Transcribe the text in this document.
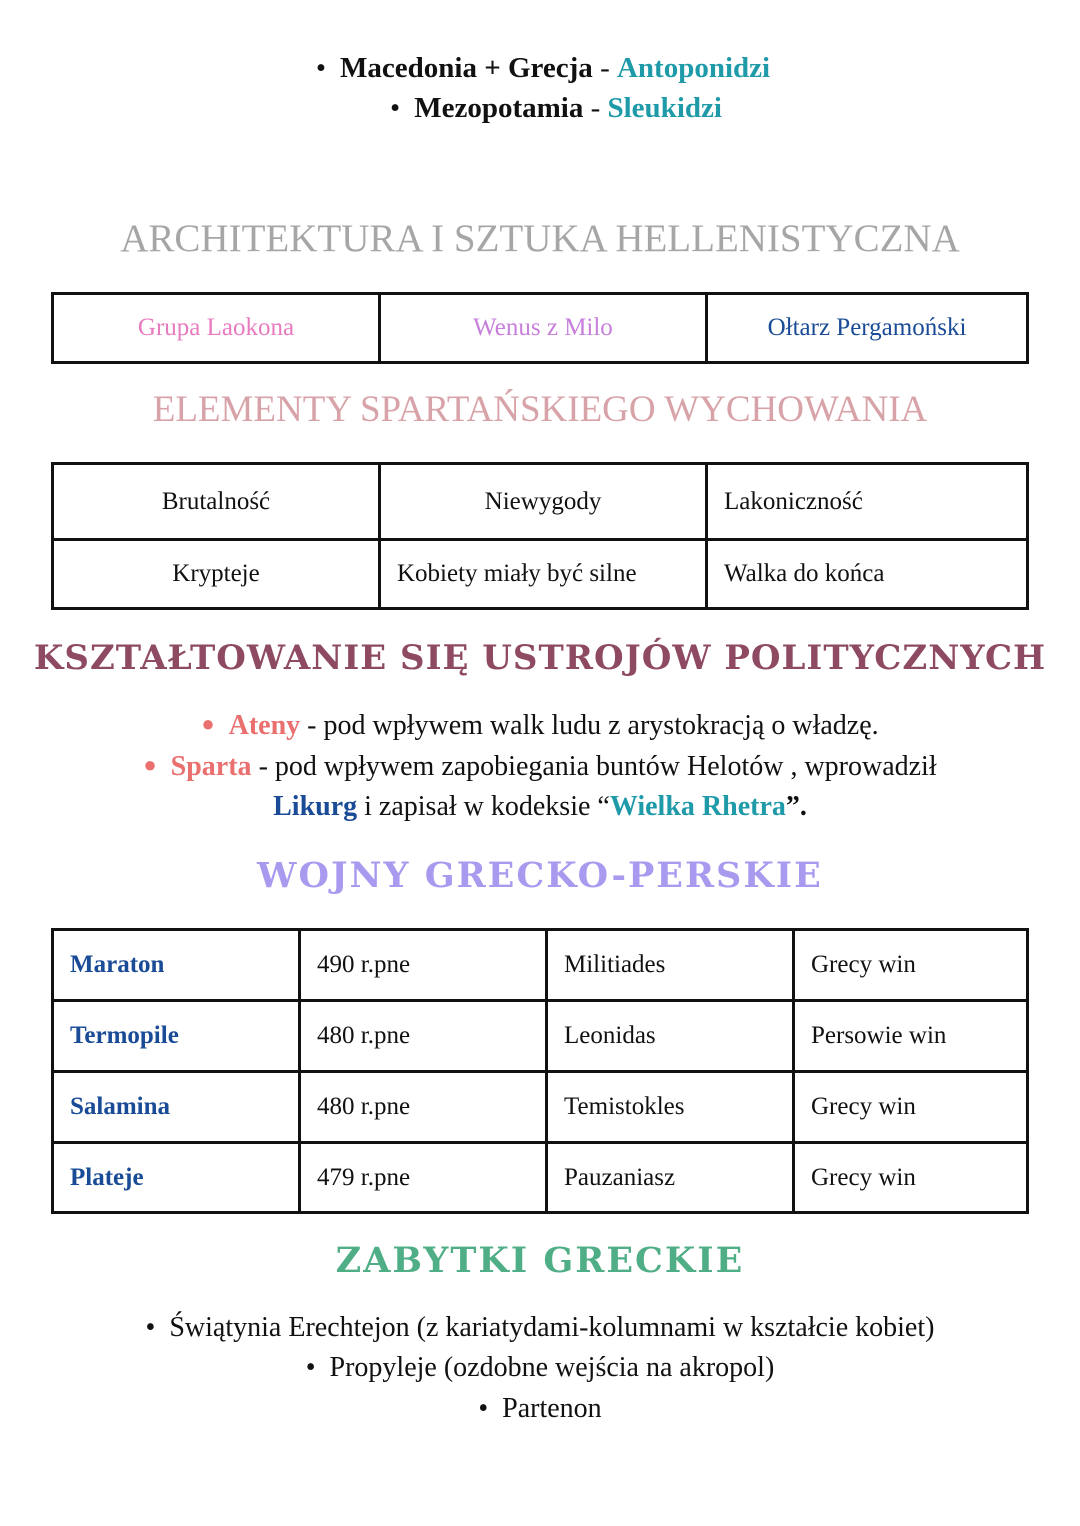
• Macedonia + Grecja - Antoponidzi
• Mezopotamia - Sleukidzi
ARCHITEKTURA I SZTUKA HELLENISTYCZNA
Grupa Laokona	Wenus z Milo	Ołtarz Pergamoński
ELEMENTY SPARTAŃSKIEGO WYCHOWANIA
Brutalność	Niewygody	Lakoniczność
Krypteje	Kobiety miały być silne	Walka do końca
KSZTAŁTOWANIE SIĘ USTROJÓW POLITYCZNYCH
● Ateny - pod wpływem walk ludu z arystokracją o władzę.
● Sparta - pod wpływem zapobiegania buntów Helotów , wprowadził
Likurg i zapisał w kodeksie “Wielka Rhetra”.
WOJNY GRECKO-PERSKIE
Maraton	490 r.pne	Militiades	Grecy win
Termopile	480 r.pne	Leonidas	Persowie win
Salamina	480 r.pne	Temistokles	Grecy win
Plateje	479 r.pne	Pauzaniasz	Grecy win
ZABYTKI GRECKIE
• Świątynia Erechtejon (z kariatydami-kolumnami w kształcie kobiet)
• Propyleje (ozdobne wejścia na akropol)
• Partenon
